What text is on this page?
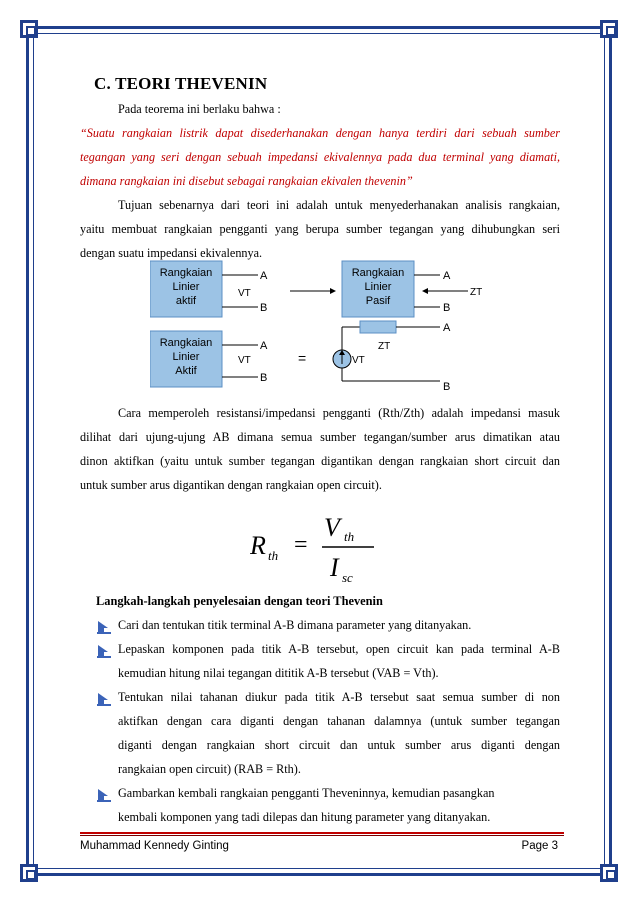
C. TEORI THEVENIN
Pada teorema ini berlaku bahwa :
“Suatu rangkaian listrik dapat disederhanakan dengan hanya terdiri dari sebuah sumber
tegangan yang seri dengan sebuah impedansi ekivalennya pada dua terminal yang diamati,
dimana rangkaian ini disebut sebagai rangkaian ekivalen thevenin”
Tujuan sebenarnya dari teori ini adalah untuk menyederhanakan analisis rangkaian,
yaitu membuat rangkaian pengganti yang berupa sumber tegangan yang dihubungkan seri
dengan suatu impedansi ekivalennya.
Rangkaian
Linier
aktif
A
B
VT
Rangkaian
Linier
Pasif
A
B
ZT
Rangkaian
Linier
Aktif
A
B
VT	=
A
ZT
VT
B
Cara memperoleh resistansi/impedansi pengganti (Rth/Zth) adalah impedansi masuk
dilihat dari ujung-ujung AB dimana semua sumber tegangan/sumber arus dimatikan atau
dinon aktifkan (yaitu untuk sumber tegangan digantikan dengan rangkaian short circuit dan
untuk sumber arus digantikan dengan rangkaian open circuit).
R th =
V th
I sc
Langkah-langkah penyelesaian dengan teori Thevenin
Cari dan tentukan titik terminal A-B dimana parameter yang ditanyakan.
Lepaskan komponen pada titik A-B tersebut, open circuit kan pada terminal A-B
kemudian hitung nilai tegangan dititik A-B tersebut (VAB = Vth).
Tentukan nilai tahanan diukur pada titik A-B tersebut saat semua sumber di non
aktifkan dengan cara diganti dengan tahanan dalamnya (untuk sumber tegangan
diganti dengan rangkaian short circuit dan untuk sumber arus diganti dengan
rangkaian open circuit) (RAB = Rth).
Gambarkan kembali rangkaian pengganti Theveninnya, kemudian pasangkan
kembali komponen yang tadi dilepas dan hitung parameter yang ditanyakan.
Muhammad Kennedy Ginting	Page 3
